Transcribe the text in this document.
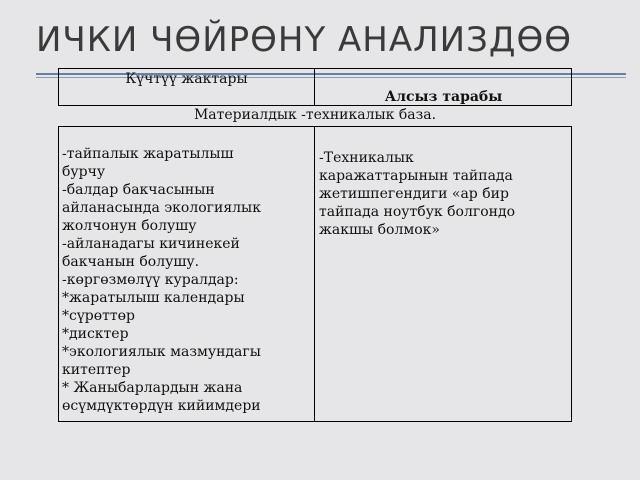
ИЧКИ ЧӨЙРӨНҮ АНАЛИЗДӨӨ
Күчтүү жактары
Алсыз тарабы
Материалдык -техникалык база.
-тайпалык жаратылыш
бурчу
-балдар бакчасынын
айланасында экологиялык
жолчонун болушу
-айланадагы кичинекей
бакчанын болушу.
-көргөзмөлүү куралдар:
*жаратылыш календары
*сүрөттөр
*дисктер
*экологиялык мазмундагы
китептер
* Жаныбарлардын жана
өсүмдүктөрдүн кийимдери
-Техникалык
каражаттарынын тайпада
жетишпегендиги «ар бир
тайпада ноутбук болгондо
жакшы болмок»
